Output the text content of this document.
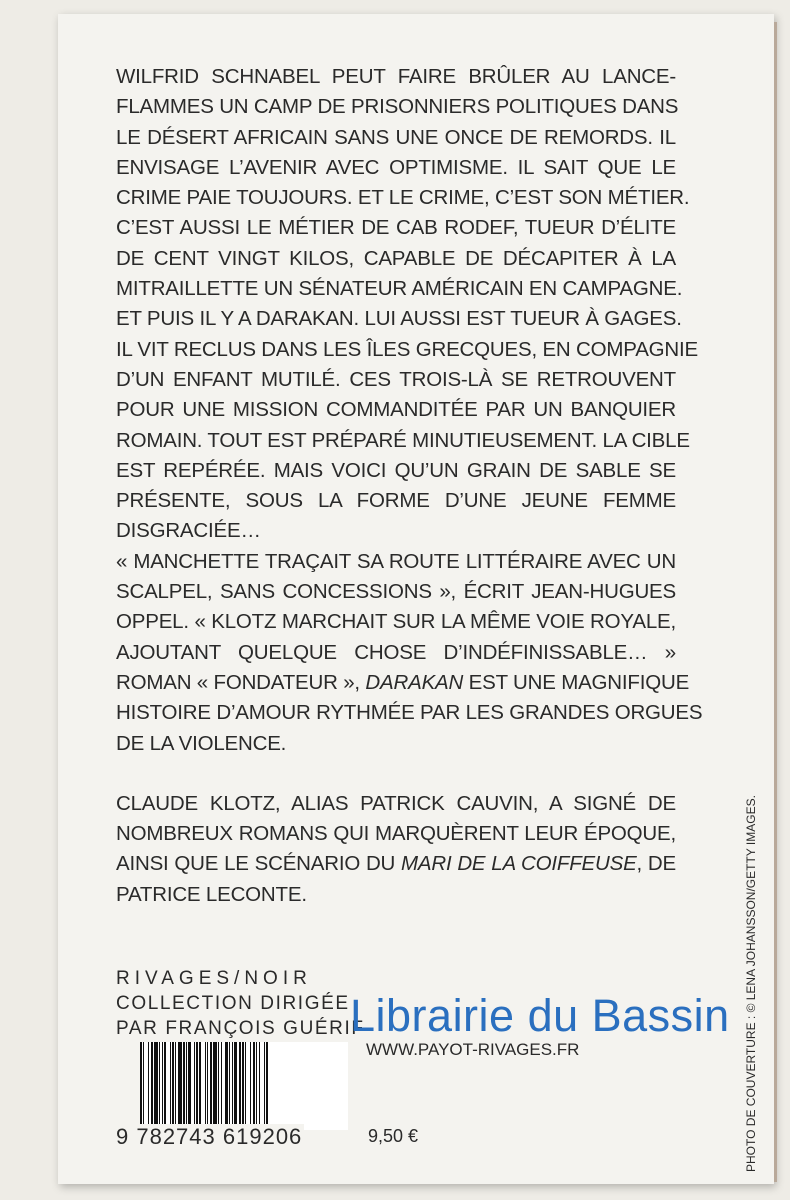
WILFRID SCHNABEL PEUT FAIRE BRÛLER AU LANCE-
FLAMMES UN CAMP DE PRISONNIERS POLITIQUES DANS
LE DÉSERT AFRICAIN SANS UNE ONCE DE REMORDS. IL
ENVISAGE L’AVENIR AVEC OPTIMISME. IL SAIT QUE LE
CRIME PAIE TOUJOURS. ET LE CRIME, C’EST SON MÉTIER.
C’EST AUSSI LE MÉTIER DE CAB RODEF, TUEUR D’ÉLITE
DE CENT VINGT KILOS, CAPABLE DE DÉCAPITER À LA
MITRAILLETTE UN SÉNATEUR AMÉRICAIN EN CAMPAGNE.
ET PUIS IL Y A DARAKAN. LUI AUSSI EST TUEUR À GAGES.
IL VIT RECLUS DANS LES ÎLES GRECQUES, EN COMPAGNIE
D’UN ENFANT MUTILÉ. CES TROIS-LÀ SE RETROUVENT
POUR UNE MISSION COMMANDITÉE PAR UN BANQUIER
ROMAIN. TOUT EST PRÉPARÉ MINUTIEUSEMENT. LA CIBLE
EST REPÉRÉE. MAIS VOICI QU’UN GRAIN DE SABLE SE
PRÉSENTE, SOUS LA FORME D’UNE JEUNE FEMME
DISGRACIÉE…
« MANCHETTE TRAÇAIT SA ROUTE LITTÉRAIRE AVEC UN
SCALPEL, SANS CONCESSIONS », ÉCRIT JEAN-HUGUES
OPPEL. « KLOTZ MARCHAIT SUR LA MÊME VOIE ROYALE,
AJOUTANT QUELQUE CHOSE D’INDÉFINISSABLE… »
ROMAN « FONDATEUR », DARAKAN EST UNE MAGNIFIQUE
HISTOIRE D’AMOUR RYTHMÉE PAR LES GRANDES ORGUES
DE LA VIOLENCE.
CLAUDE KLOTZ, ALIAS PATRICK CAUVIN, A SIGNÉ DE
NOMBREUX ROMANS QUI MARQUÈRENT LEUR ÉPOQUE,
AINSI QUE LE SCÉNARIO DU MARI DE LA COIFFEUSE, DE
PATRICE LECONTE.
RIVAGES/NOIR
COLLECTION DIRIGÉE
PAR FRANÇOIS GUÉRIF
9 782743 619206
WWW.PAYOT-RIVAGES.FR
9,50 €
Librairie du Bassin PHOTO DE COUVERTURE : © LENA JOHANSSON/GETTY IMAGES.
